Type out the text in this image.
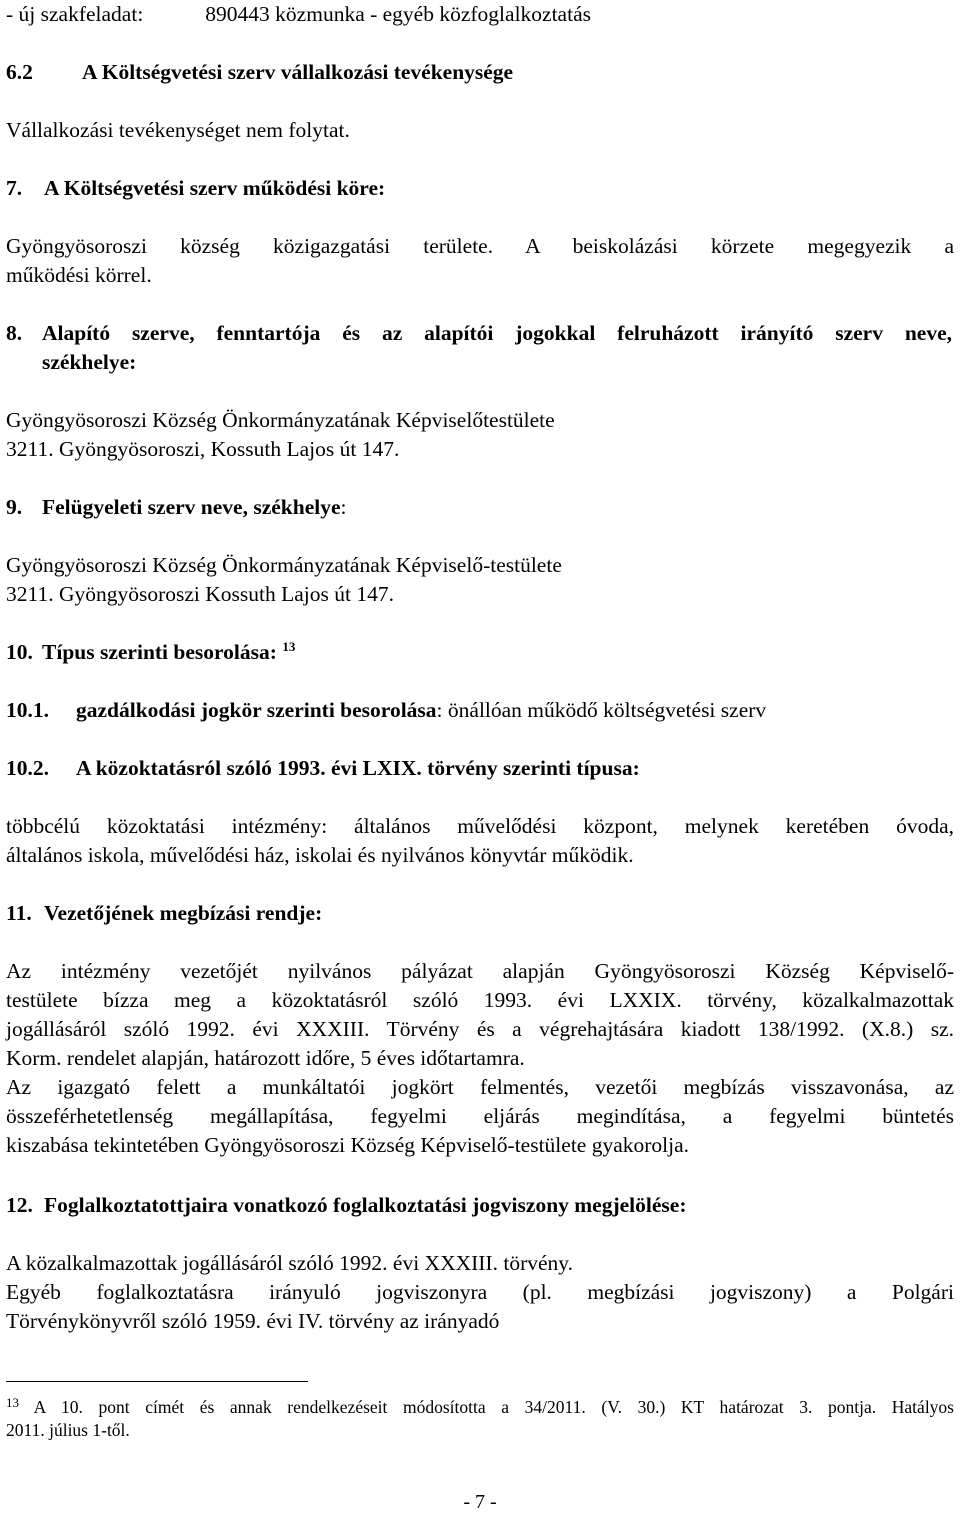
- új szakfeladat:	890443 közmunka - egyéb közfoglalkoztatás
6.2 A Költségvetési szerv vállalkozási tevékenysége
Vállalkozási tevékenységet nem folytat.
7. A Költségvetési szerv működési köre:
Gyöngyösoroszi község közigazgatási területe. A beiskolázási körzete megegyezik a
működési körrel.
8. Alapító szerve, fenntartója és az alapítói jogokkal felruházott irányító szerv neve,
székhelye:
Gyöngyösoroszi Község Önkormányzatának Képviselőtestülete
3211. Gyöngyösoroszi, Kossuth Lajos út 147.
9. Felügyeleti szerv neve, székhelye:
Gyöngyösoroszi Község Önkormányzatának Képviselő-testülete
3211. Gyöngyösoroszi Kossuth Lajos út 147.
10. Típus szerinti besorolása: $^{13}$
10.1. gazdálkodási jogkör szerinti besorolása: önállóan működő költségvetési szerv
10.2. A közoktatásról szóló 1993. évi LXIX. törvény szerinti típusa:
többcélú közoktatási intézmény: általános művelődési központ, melynek keretében óvoda,
általános iskola, művelődési ház, iskolai és nyilvános könyvtár működik.
11. Vezetőjének megbízási rendje:
Az intézmény vezetőjét nyilvános pályázat alapján Gyöngyösoroszi Község Képviselő-
testülete bízza meg a közoktatásról szóló 1993. évi LXXIX. törvény, közalkalmazottak
jogállásáról szóló 1992. évi XXXIII. Törvény és a végrehajtására kiadott 138/1992. (X.8.) sz.
Korm. rendelet alapján, határozott időre, 5 éves időtartamra.
Az igazgató felett a munkáltatói jogkört felmentés, vezetői megbízás visszavonása, az
összeférhetetlenség megállapítása, fegyelmi eljárás megindítása, a fegyelmi büntetés
kiszabása tekintetében Gyöngyösoroszi Község Képviselő-testülete gyakorolja.
12. Foglalkoztatottjaira vonatkozó foglalkoztatási jogviszony megjelölése:
A közalkalmazottak jogállásáról szóló 1992. évi XXXIII. törvény.
Egyéb foglalkoztatásra irányuló jogviszonyra (pl. megbízási jogviszony) a Polgári
Törvénykönyvről szóló 1959. évi IV. törvény az irányadó
$^{13}$ A 10. pont címét és annak rendelkezéseit módosította a 34/2011. (V. 30.) KT határozat 3. pontja. Hatályos
2011. július 1-től.
- 7 -
